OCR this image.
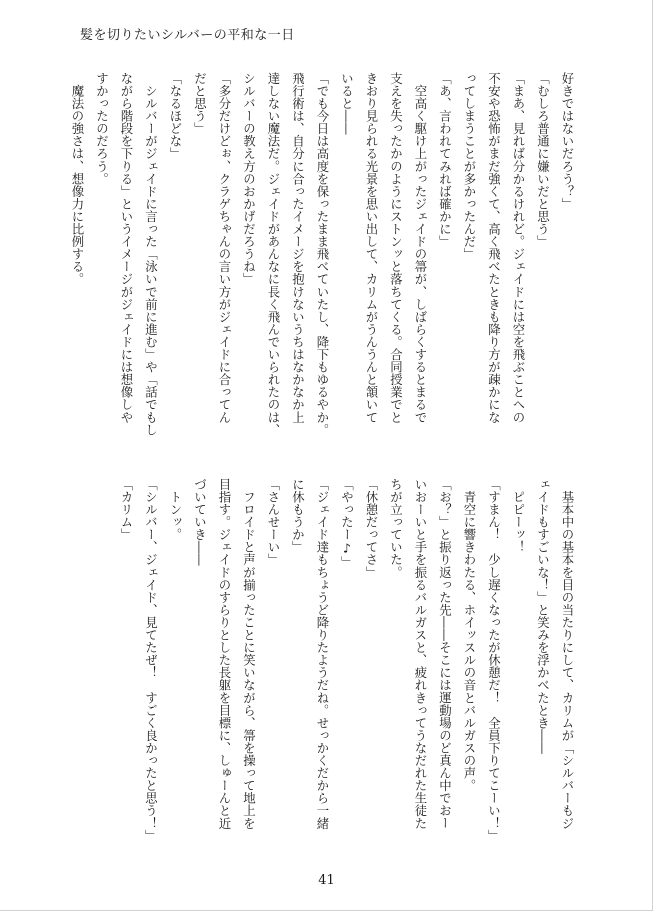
髪を切りたいシルバーの平和な一日
好きではないだろう？」
「むしろ普通に嫌いだと思う」
「まあ、見れば分かるけれど。ジェイドには空を飛ぶことへの
不安や恐怖がまだ強くて、高く飛べたときも降り方が疎かにな
ってしまうことが多かったんだ」
「あ、言われてみれば確かに」
　空高く駆け上がったジェイドの箒が、しばらくするとまるで
支えを失ったかのようにストンッと落ちてくる。合同授業でと
きおり見られる光景を思い出して、カリムがうんうんと頷いて
いると――
「でも今日は高度を保ったまま飛べていたし、降下もゆるやか。
飛行術は、自分に合ったイメージを抱けないうちはなかなか上
達しない魔法だ。ジェイドがあんなに長く飛んでいられたのは、
シルバーの教え方のおかげだろうね」
「多分だけどぉ、クラゲちゃんの言い方がジェイドに合ってん
だと思う」
「なるほどな」
　シルバーがジェイドに言った「泳いで前に進む」や「話でもし
ながら階段を下りる」というイメージがジェイドには想像しや
すかったのだろう。
　魔法の強さは、想像力に比例する。
　基本中の基本を目の当たりにして、カリムが「シルバーもジ
ェイドもすごいな！」と笑みを浮かべたとき――
　ピピーッ！
「すまん！　少し遅くなったが休憩だ！　全員下りてこーい！」
　青空に響きわたる、ホイッスルの音とバルガスの声。
「お？」と振り返った先――そこには運動場のど真ん中でおー
いおーいと手を振るバルガスと、疲れきってうなだれた生徒た
ちが立っていた。
「休憩だってさ」
「やったー♪」
「ジェイド達もちょうど降りたようだね。せっかくだから一緒
に休もうか」
「さんせーい」
　フロイドと声が揃ったことに笑いながら、箒を操って地上を
目指す。ジェイドのすらりとした長躯を目標に、しゅーんと近
づいていき――
　トンッ。
「シルバー、ジェイド、見てたぜ！　すごく良かったと思う！」
「カリム」
41
